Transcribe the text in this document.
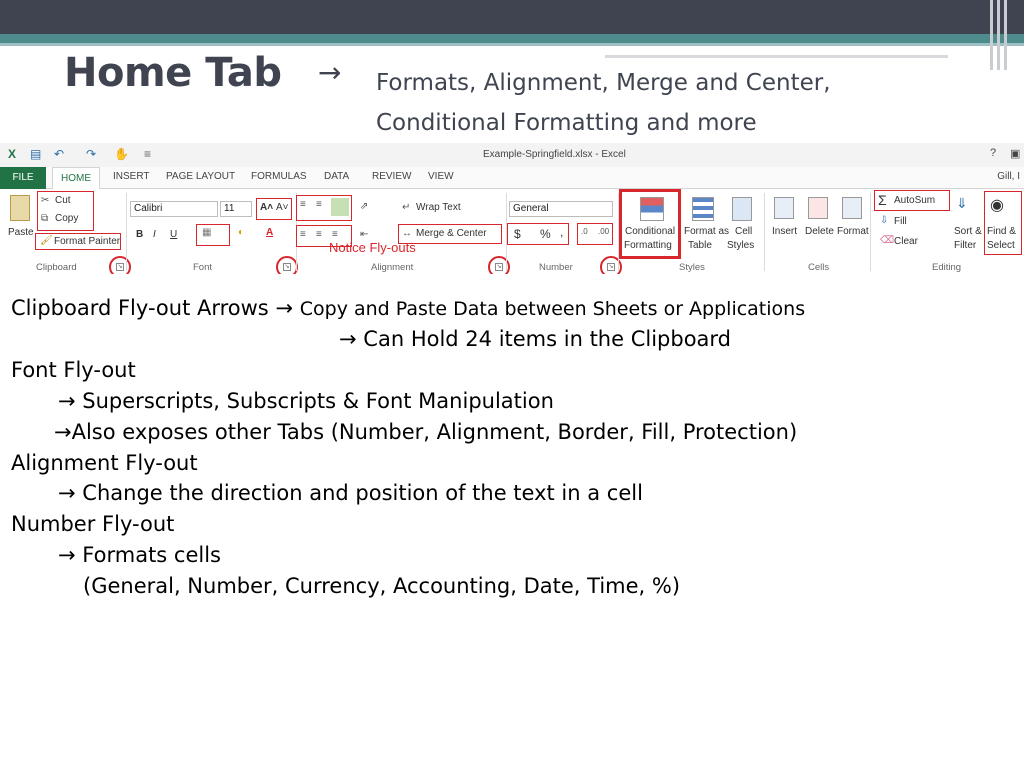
Home Tab → Formats, Alignment, Merge and Center,
Conditional Formatting and more
X ▤ ↶ ↷ ✋ ≡	Example-Springfield.xlsx - Excel	? ▣
FILE	HOME	INSERT PAGE LAYOUT FORMULAS DATA REVIEW VIEW	Gill, I
Paste
✂ Cut
⧉ Copy
🖌 Format Painter
Clipboard	↘
Calibri	11	A˄ A˅
B I U ▦	◐ A
Font	↘
≡ ≡
≡ ≡ ≡
⇗
⇤
↵ Wrap Text
↔ Merge & Center
Notice Fly-outs
Alignment	↘
General
$ % , .0 .00
Number	↘
Conditional
Formatting
Format as
Table
Cell
Styles
Styles
Insert Delete Format
Cells
Σ AutoSum
⇩ Fill
⌫ Clear
⇓
Sort &
Filter
◉
Find &
Select
Editing
Clipboard Fly-out Arrows → Copy and Paste Data between Sheets or Applications
→ Can Hold 24 items in the Clipboard
Font Fly-out
→ Superscripts, Subscripts & Font Manipulation
→Also exposes other Tabs (Number, Alignment, Border, Fill, Protection)
Alignment Fly-out
→ Change the direction and position of the text in a cell
Number Fly-out
→ Formats cells
(General, Number, Currency, Accounting, Date, Time, %)
